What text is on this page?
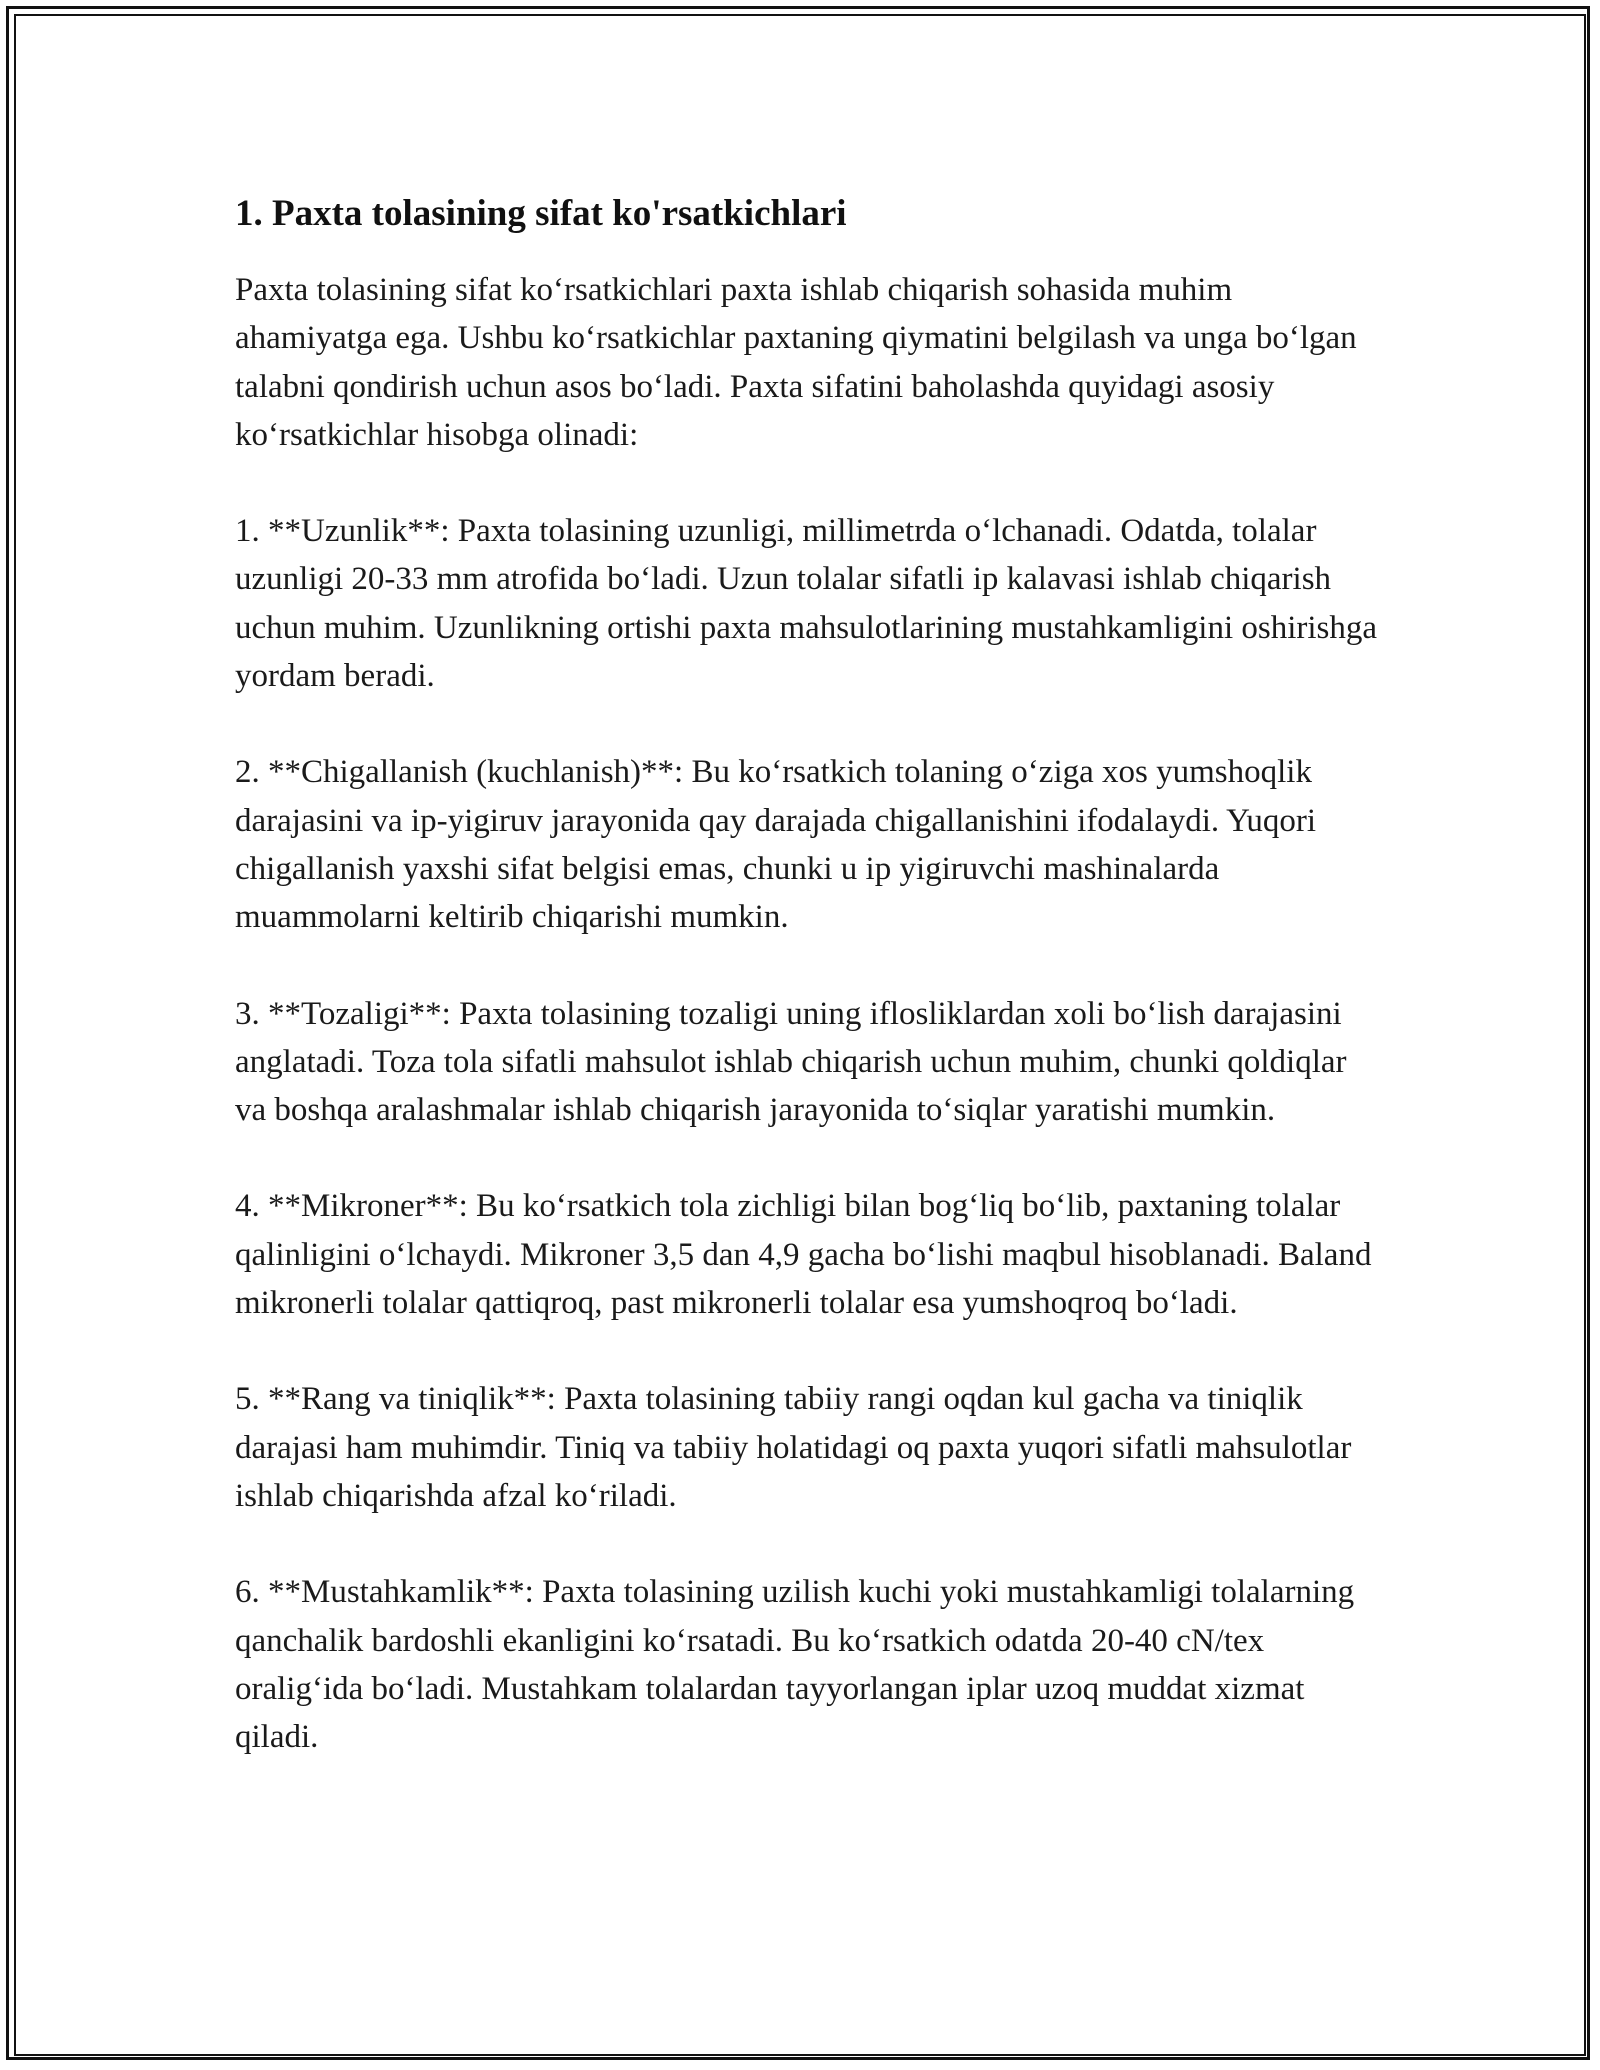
1. Paxta tolasining sifat ko'rsatkichlari

Paxta tolasining sifat koʻrsatkichlari paxta ishlab chiqarish sohasida muhim ahamiyatga ega. Ushbu koʻrsatkichlar paxtaning qiymatini belgilash va unga boʻlgan talabni qondirish uchun asos boʻladi. Paxta sifatini baholashda quyidagi asosiy koʻrsatkichlar hisobga olinadi:

1. **Uzunlik**: Paxta tolasining uzunligi, millimetrda oʻlchanadi. Odatda, tolalar uzunligi 20-33 mm atrofida boʻladi. Uzun tolalar sifatli ip kalavasi ishlab chiqarish uchun muhim. Uzunlikning ortishi paxta mahsulotlarining mustahkamligini oshirishga yordam beradi.

2. **Chigallanish (kuchlanish)**: Bu koʻrsatkich tolaning oʻziga xos yumshoqlik darajasini va ip-yigiruv jarayonida qay darajada chigallanishini ifodalaydi. Yuqori chigallanish yaxshi sifat belgisi emas, chunki u ip yigiruvchi mashinalarda muammolarni keltirib chiqarishi mumkin.

3. **Tozaligi**: Paxta tolasining tozaligi uning ifloslikl​ardan xoli boʻlish darajasini anglatadi. Toza tola sifatli mahsulot ishlab chiqarish uchun muhim, chunki qoldiqlar va boshqa aralashmalar ishlab chiqarish jarayonida toʻsiqlar yaratishi mumkin.

4. **Mikroner**: Bu koʻrsatkich tola zichligi bilan bogʻliq boʻlib, paxtaning tolalar qalinligini oʻlchaydi. Mikroner 3,5 dan 4,9 gacha boʻlishi maqbul hisoblanadi. Baland mikronerli tolalar qattiqroq, past mikronerli tolalar esa yumshoqroq boʻladi.

5. **Rang va tiniqlik**: Paxta tolasining tabiiy rangi oqdan kul gacha va tiniqlik darajasi ham muhimdir. Tiniq va tabiiy holatidagi oq paxta yuqori sifatli mahsulotlar ishlab chiqarishda afzal koʻriladi.

6. **Mustahkamlik**: Paxta tolasining uzilish kuchi yoki mustahkamligi tolalarning qanchalik bardoshli ekanligini koʻrsatadi. Bu koʻrsatkich odatda 20-40 cN/tex oraligʻida boʻladi. Mustahkam tolalardan tayyorlangan iplar uzoq muddat xizmat qiladi.
